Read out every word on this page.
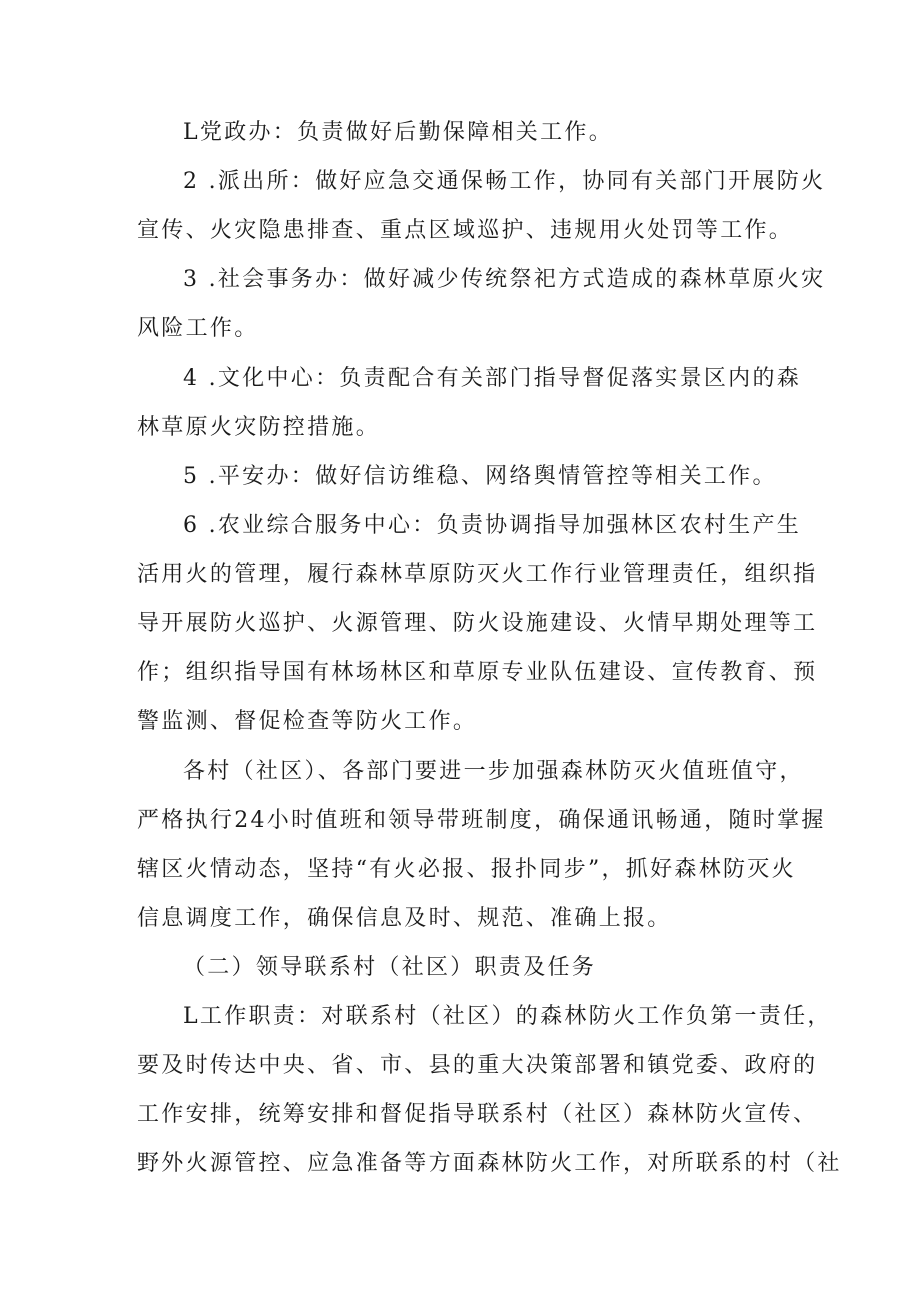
L党政办：负责做好后勤保障相关工作。
2 .派出所：做好应急交通保畅工作，协同有关部门开展防火
宣传、火灾隐患排查、重点区域巡护、违规用火处罚等工作。
3 .社会事务办：做好减少传统祭祀方式造成的森林草原火灾
风险工作。
4 .文化中心：负责配合有关部门指导督促落实景区内的森
林草原火灾防控措施。
5 .平安办：做好信访维稳、网络舆情管控等相关工作。
6 .农业综合服务中心：负责协调指导加强林区农村生产生
活用火的管理，履行森林草原防灭火工作行业管理责任，组织指
导开展防火巡护、火源管理、防火设施建设、火情早期处理等工
作；组织指导国有林场林区和草原专业队伍建设、宣传教育、预
警监测、督促检查等防火工作。
各村（社区）、各部门要进一步加强森林防灭火值班值守，
严格执行24小时值班和领导带班制度，确保通讯畅通，随时掌握
辖区火情动态，坚持“有火必报、报扑同步”，抓好森林防灭火
信息调度工作，确保信息及时、规范、准确上报。
（二）领导联系村（社区）职责及任务
L工作职责：对联系村（社区）的森林防火工作负第一责任，
要及时传达中央、省、市、县的重大决策部署和镇党委、政府的
工作安排，统筹安排和督促指导联系村（社区）森林防火宣传、
野外火源管控、应急准备等方面森林防火工作，对所联系的村（社
